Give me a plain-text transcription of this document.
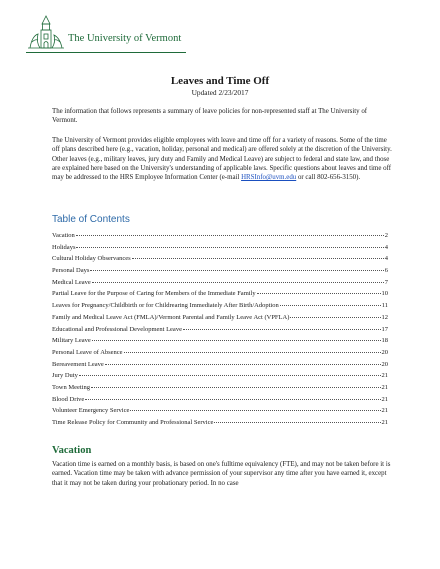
The University of Vermont
Leaves and Time Off
Updated 2/23/2017
The information that follows represents a summary of leave policies for non-represented staff at The University of Vermont.
The University of Vermont provides eligible employees with leave and time off for a variety of reasons. Some of the time off plans described here (e.g., vacation, holiday, personal and medical) are offered solely at the discretion of the University. Other leaves (e.g., military leaves, jury duty and Family and Medical Leave) are subject to federal and state law, and those are explained here based on the University's understanding of applicable laws. Specific questions about leaves and time off may be addressed to the HRS Employee Information Center (e-mail HRSInfo@uvm.edu or call 802-656-3150).
Table of Contents
Vacation	2
Holidays	4
Cultural Holiday Observances	4
Personal Days	6
Medical Leave	7
Partial Leave for the Purpose of Caring for Members of the Immediate Family	10
Leaves for Pregnancy/Childbirth or for Childrearing Immediately After Birth/Adoption	11
Family and Medical Leave Act (FMLA)/Vermont Parental and Family Leave Act (VPFLA)	12
Educational and Professional Development Leave	17
Military Leave	18
Personal Leave of Absence	20
Bereavement Leave	20
Jury Duty	21
Town Meeting	21
Blood Drive	21
Volunteer Emergency Service	21
Time Release Policy for Community and Professional Service	21
Vacation
Vacation time is earned on a monthly basis, is based on one's fulltime equivalency (FTE), and may not be taken before it is earned. Vacation time may be taken with advance permission of your supervisor any time after you have earned it, except that it may not be taken during your probationary period. In no case
